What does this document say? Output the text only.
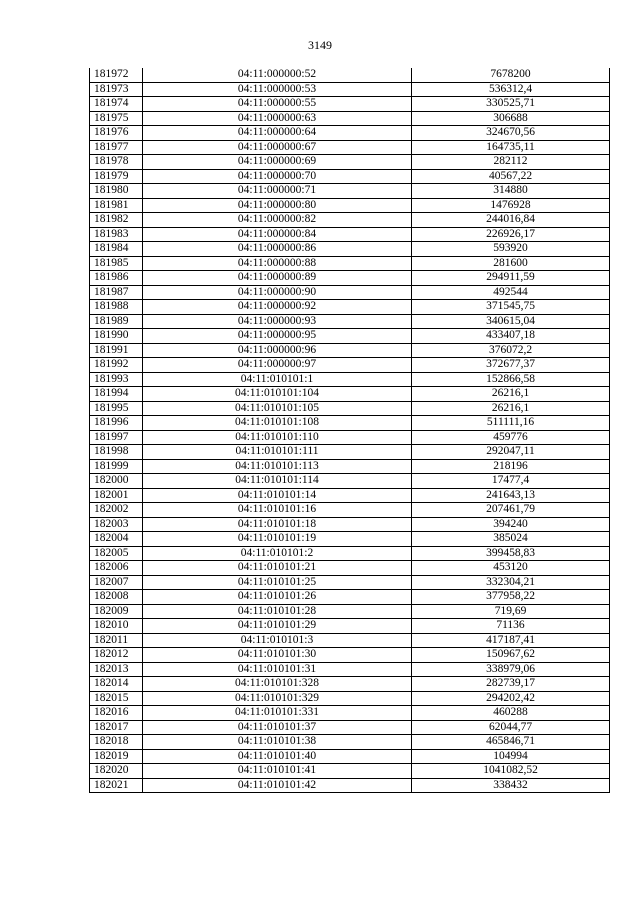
3149
181972	04:11:000000:52	7678200
181973	04:11:000000:53	536312,4
181974	04:11:000000:55	330525,71
181975	04:11:000000:63	306688
181976	04:11:000000:64	324670,56
181977	04:11:000000:67	164735,11
181978	04:11:000000:69	282112
181979	04:11:000000:70	40567,22
181980	04:11:000000:71	314880
181981	04:11:000000:80	1476928
181982	04:11:000000:82	244016,84
181983	04:11:000000:84	226926,17
181984	04:11:000000:86	593920
181985	04:11:000000:88	281600
181986	04:11:000000:89	294911,59
181987	04:11:000000:90	492544
181988	04:11:000000:92	371545,75
181989	04:11:000000:93	340615,04
181990	04:11:000000:95	433407,18
181991	04:11:000000:96	376072,2
181992	04:11:000000:97	372677,37
181993	04:11:010101:1	152866,58
181994	04:11:010101:104	26216,1
181995	04:11:010101:105	26216,1
181996	04:11:010101:108	511111,16
181997	04:11:010101:110	459776
181998	04:11:010101:111	292047,11
181999	04:11:010101:113	218196
182000	04:11:010101:114	17477,4
182001	04:11:010101:14	241643,13
182002	04:11:010101:16	207461,79
182003	04:11:010101:18	394240
182004	04:11:010101:19	385024
182005	04:11:010101:2	399458,83
182006	04:11:010101:21	453120
182007	04:11:010101:25	332304,21
182008	04:11:010101:26	377958,22
182009	04:11:010101:28	719,69
182010	04:11:010101:29	71136
182011	04:11:010101:3	417187,41
182012	04:11:010101:30	150967,62
182013	04:11:010101:31	338979,06
182014	04:11:010101:328	282739,17
182015	04:11:010101:329	294202,42
182016	04:11:010101:331	460288
182017	04:11:010101:37	62044,77
182018	04:11:010101:38	465846,71
182019	04:11:010101:40	104994
182020	04:11:010101:41	1041082,52
182021	04:11:010101:42	338432
